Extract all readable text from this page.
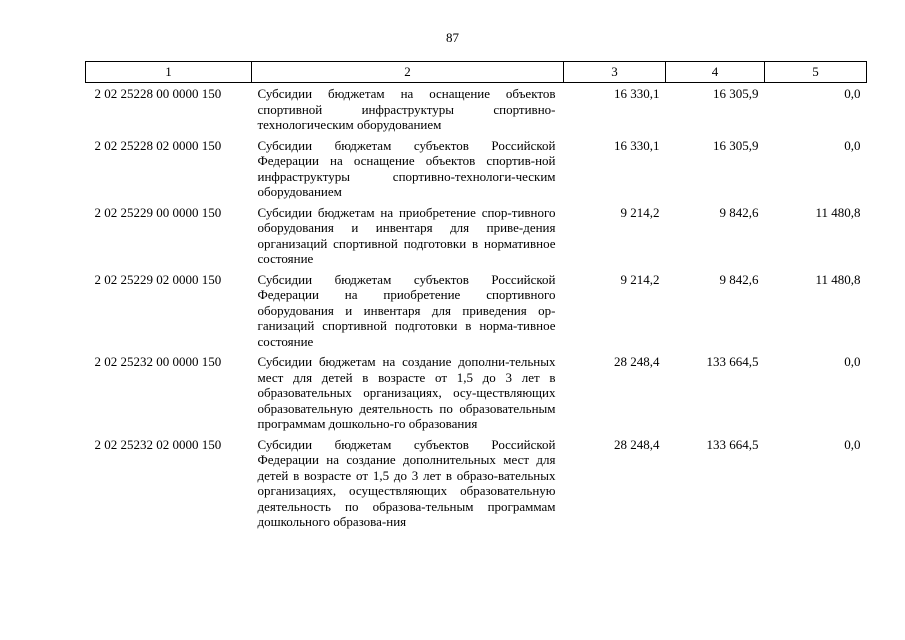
87
1	2	3	4	5
2 02 25228 00 0000 150	Субсидии бюджетам на оснащение объектов спортивной инфраструктуры спортивно-технологическим оборудованием	16 330,1	16 305,9	0,0
2 02 25228 02 0000 150	Субсидии бюджетам субъектов Российской Федерации на оснащение объектов спортив-ной инфраструктуры спортивно-технологи-ческим оборудованием	16 330,1	16 305,9	0,0
2 02 25229 00 0000 150	Субсидии бюджетам на приобретение спор-тивного оборудования и инвентаря для приве-дения организаций спортивной подготовки в нормативное состояние	9 214,2	9 842,6	11 480,8
2 02 25229 02 0000 150	Субсидии бюджетам субъектов Российской Федерации на приобретение спортивного оборудования и инвентаря для приведения ор-ганизаций спортивной подготовки в норма-тивное состояние	9 214,2	9 842,6	11 480,8
2 02 25232 00 0000 150	Субсидии бюджетам на создание дополни-тельных мест для детей в возрасте от 1,5 до 3 лет в образовательных организациях, осу-ществляющих образовательную деятельность по образовательным программам дошкольно-го образования	28 248,4	133 664,5	0,0
2 02 25232 02 0000 150	Субсидии бюджетам субъектов Российской Федерации на создание дополнительных мест для детей в возрасте от 1,5 до 3 лет в образо-вательных организациях, осуществляющих образовательную деятельность по образова-тельным программам дошкольного образова-ния	28 248,4	133 664,5	0,0
